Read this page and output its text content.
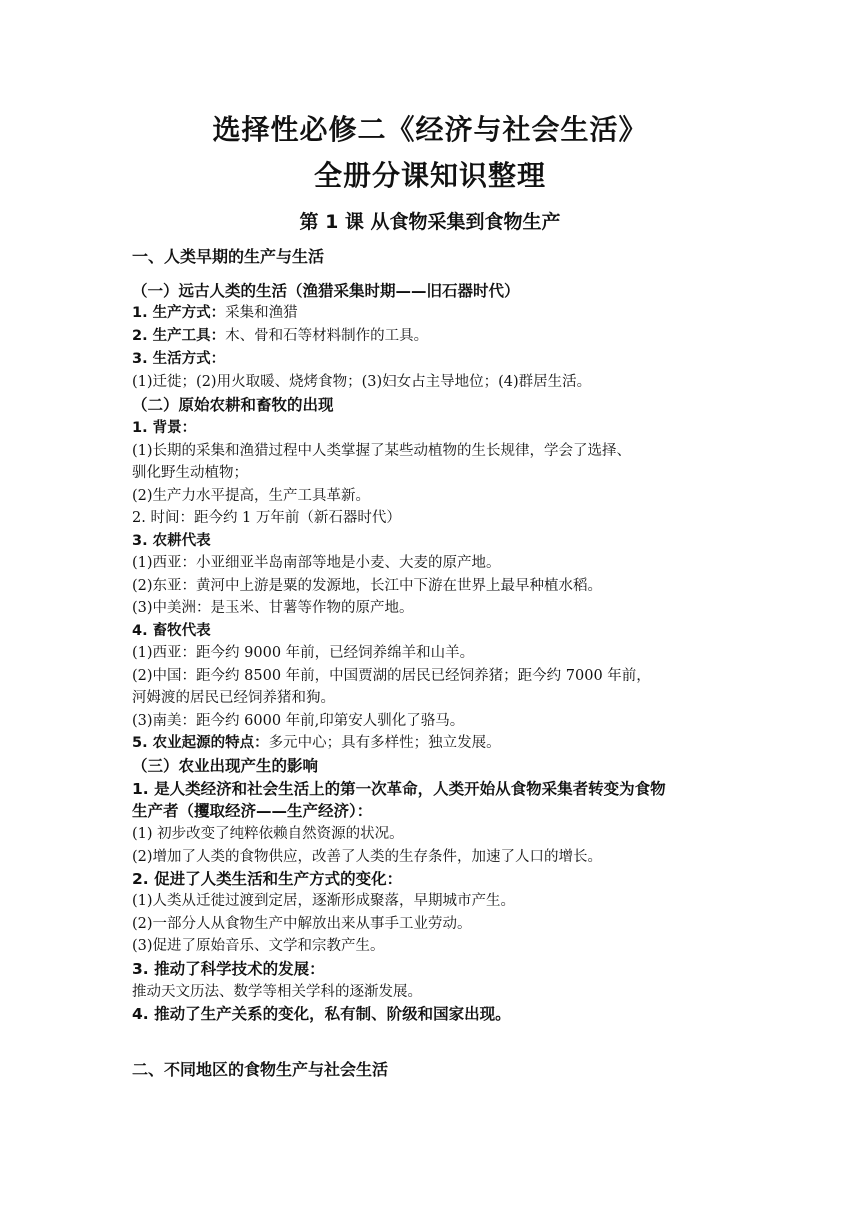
选择性必修二《经济与社会生活》
全册分课知识整理
第 1 课 从食物采集到食物生产
一、人类早期的生产与生活
（一）远古人类的生活（渔猎采集时期——旧石器时代）
1. 生产方式：采集和渔猎
2. 生产工具：木、骨和石等材料制作的工具。
3. 生活方式：
(1)迁徙；(2)用火取暖、烧烤食物；(3)妇女占主导地位；(4)群居生活。
（二）原始农耕和畜牧的出现
1. 背景：
(1)长期的采集和渔猎过程中人类掌握了某些动植物的生长规律，学会了选择、
驯化野生动植物；
(2)生产力水平提高，生产工具革新。
2. 时间：距今约 1 万年前（新石器时代）
3. 农耕代表
(1)西亚：小亚细亚半岛南部等地是小麦、大麦的原产地。
(2)东亚：黄河中上游是粟的发源地，长江中下游在世界上最早种植水稻。
(3)中美洲：是玉米、甘薯等作物的原产地。
4. 畜牧代表
(1)西亚：距今约 9000 年前，已经饲养绵羊和山羊。
(2)中国：距今约 8500 年前，中国贾湖的居民已经饲养猪；距今约 7000 年前，
河姆渡的居民已经饲养猪和狗。
(3)南美：距今约 6000 年前,印第安人驯化了骆马。
5. 农业起源的特点：多元中心；具有多样性；独立发展。
（三）农业出现产生的影响
1. 是人类经济和社会生活上的第一次革命，人类开始从食物采集者转变为食物
生产者（攫取经济——生产经济）：
(1) 初步改变了纯粹依赖自然资源的状况。
(2)增加了人类的食物供应，改善了人类的生存条件，加速了人口的增长。
2. 促进了人类生活和生产方式的变化：
(1)人类从迁徙过渡到定居，逐渐形成聚落，早期城市产生。
(2)一部分人从食物生产中解放出来从事手工业劳动。
(3)促进了原始音乐、文学和宗教产生。
3. 推动了科学技术的发展：
推动天文历法、数学等相关学科的逐渐发展。
4. 推动了生产关系的变化，私有制、阶级和国家出现。
二、不同地区的食物生产与社会生活
